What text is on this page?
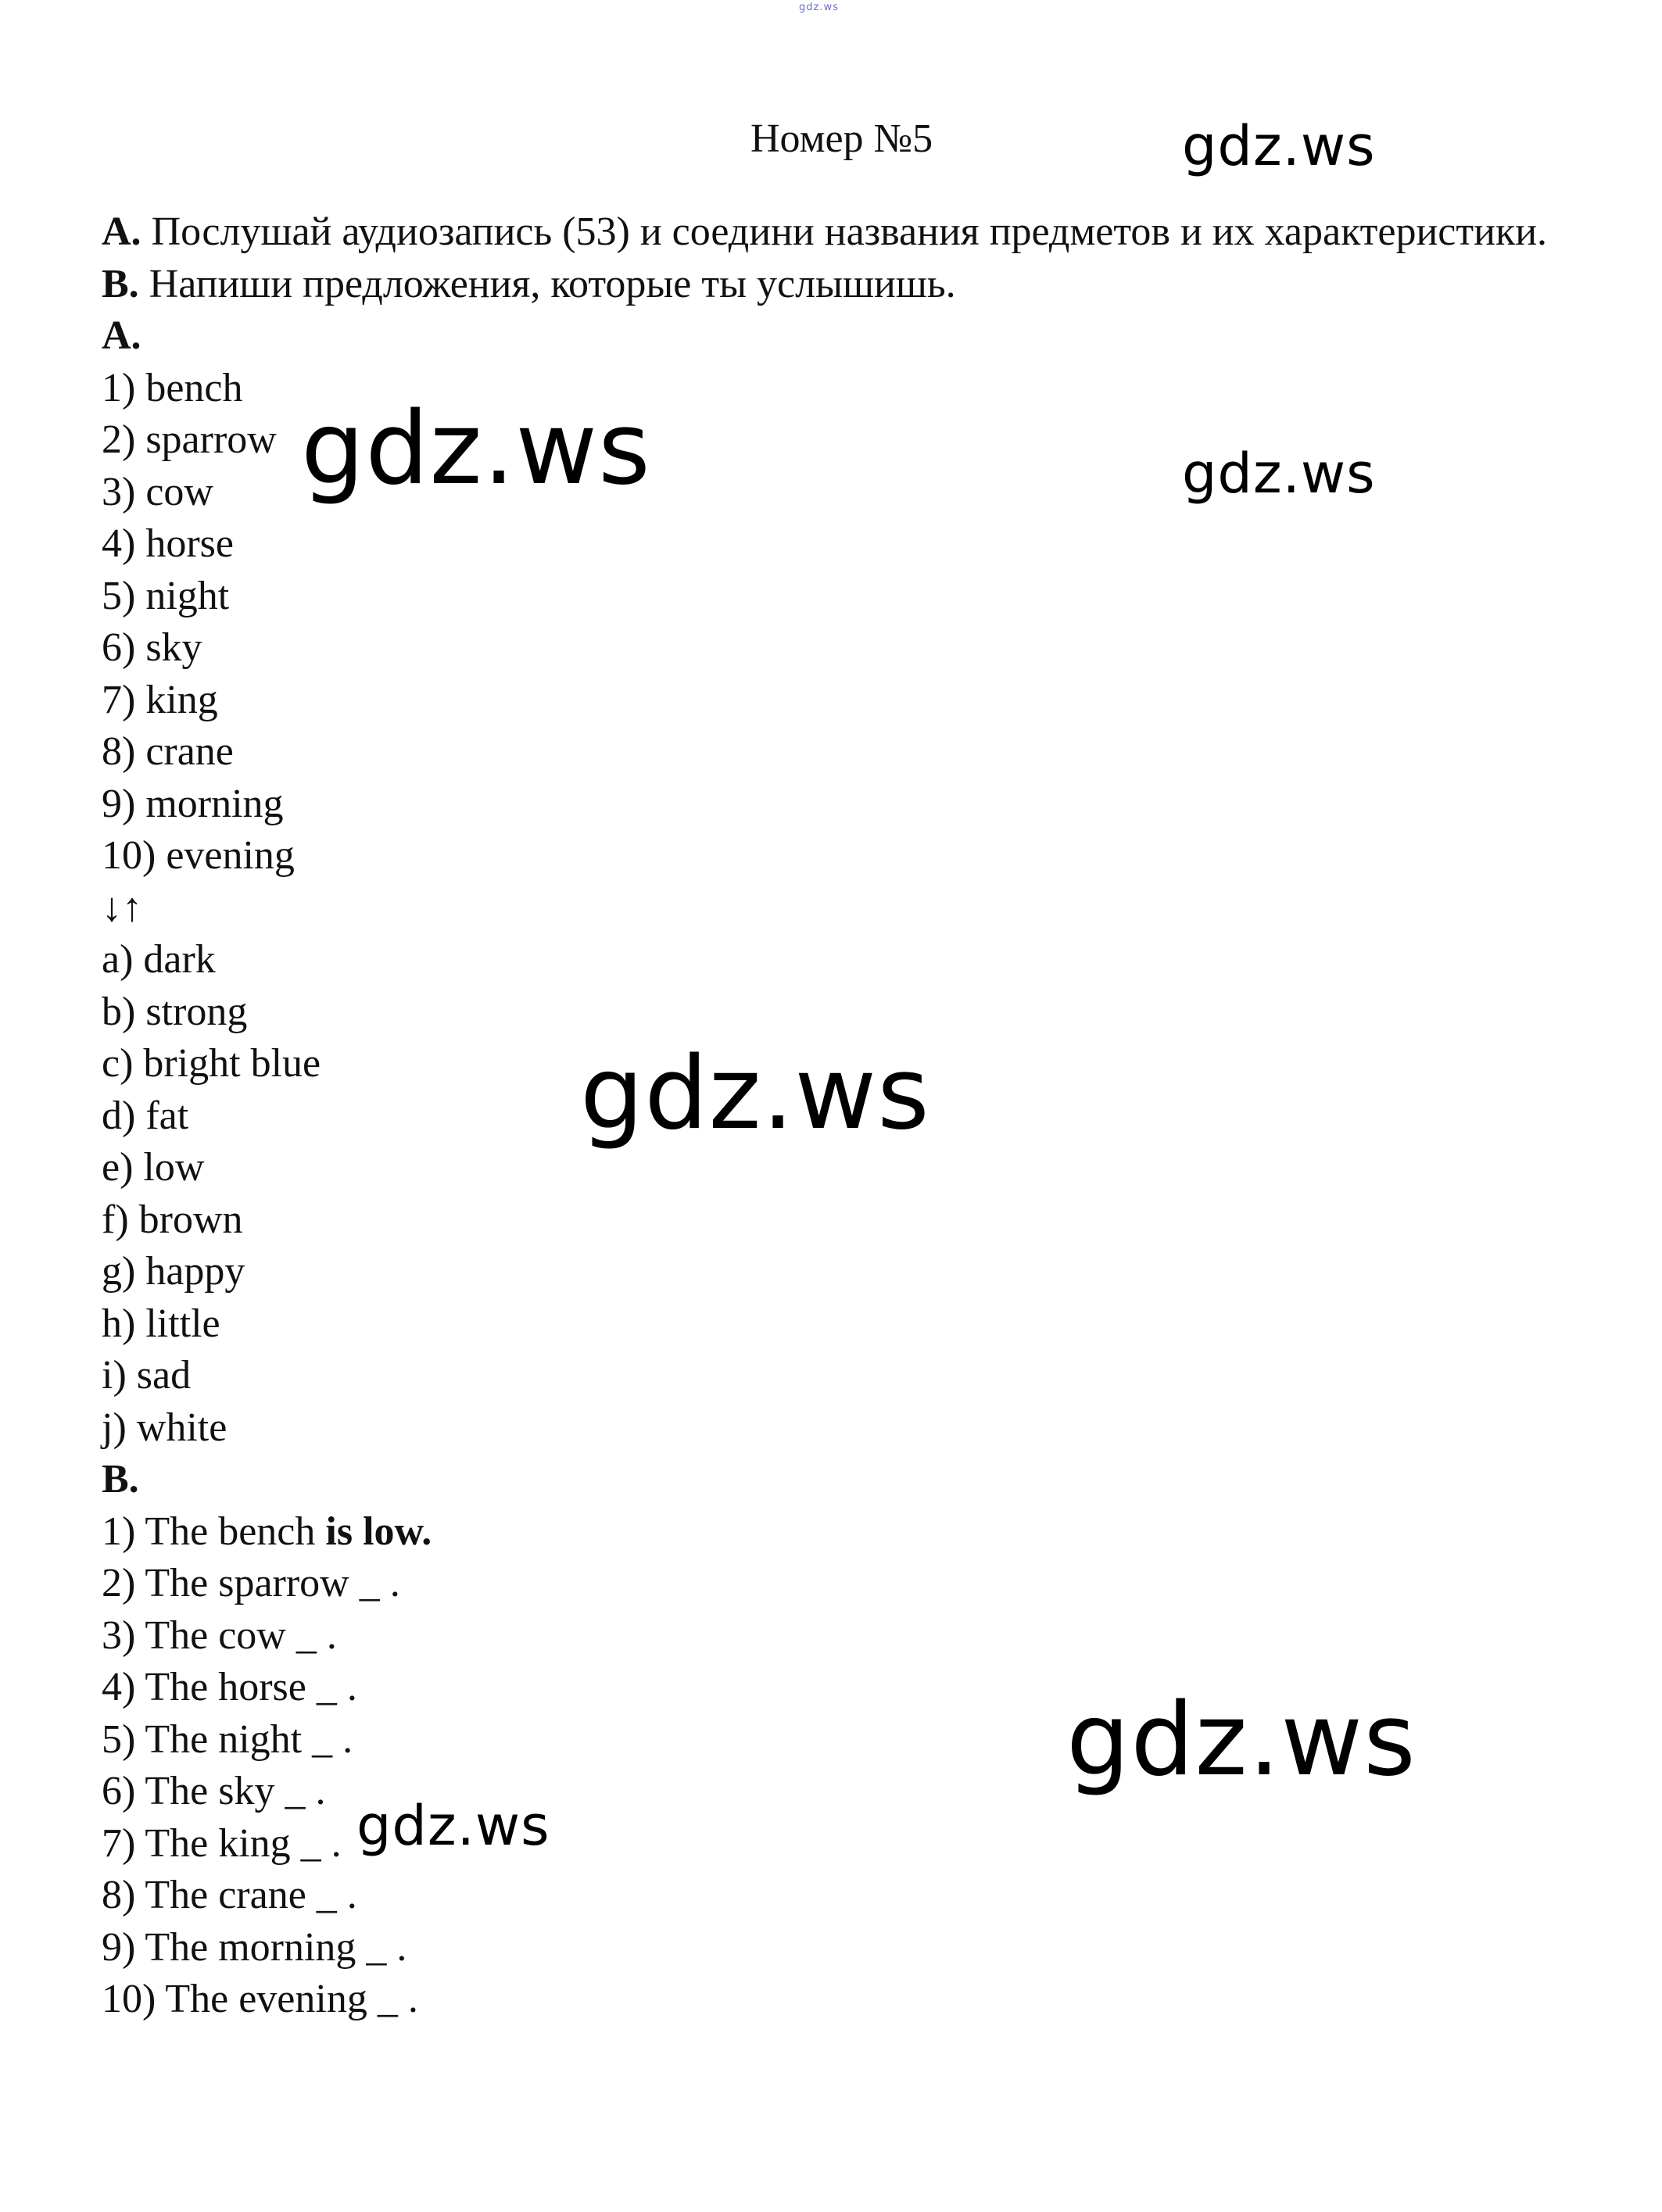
gdz.ws
Номер №5
А. Послушай аудиозапись (53) и соедини названия предметов и их характеристики.
B. Напиши предложения, которые ты услышишь.
А.
1) bench
2) sparrow
3) cow
4) horse
5) night
6) sky
7) king
8) crane
9) morning
10) evening
↓↑
a) dark
b) strong
c) bright blue
d) fat
e) low
f) brown
g) happy
h) little
i) sad
j) white
B.
1) The bench is low.
2) The sparrow _ .
3) The cow _ .
4) The horse _ .
5) The night _ .
6) The sky _ .
7) The king _ .
8) The crane _ .
9) The morning _ .
10) The evening _ .
gdz.ws
gdz.ws	gdz.ws
gdz.ws
gdz.ws
gdz.ws
